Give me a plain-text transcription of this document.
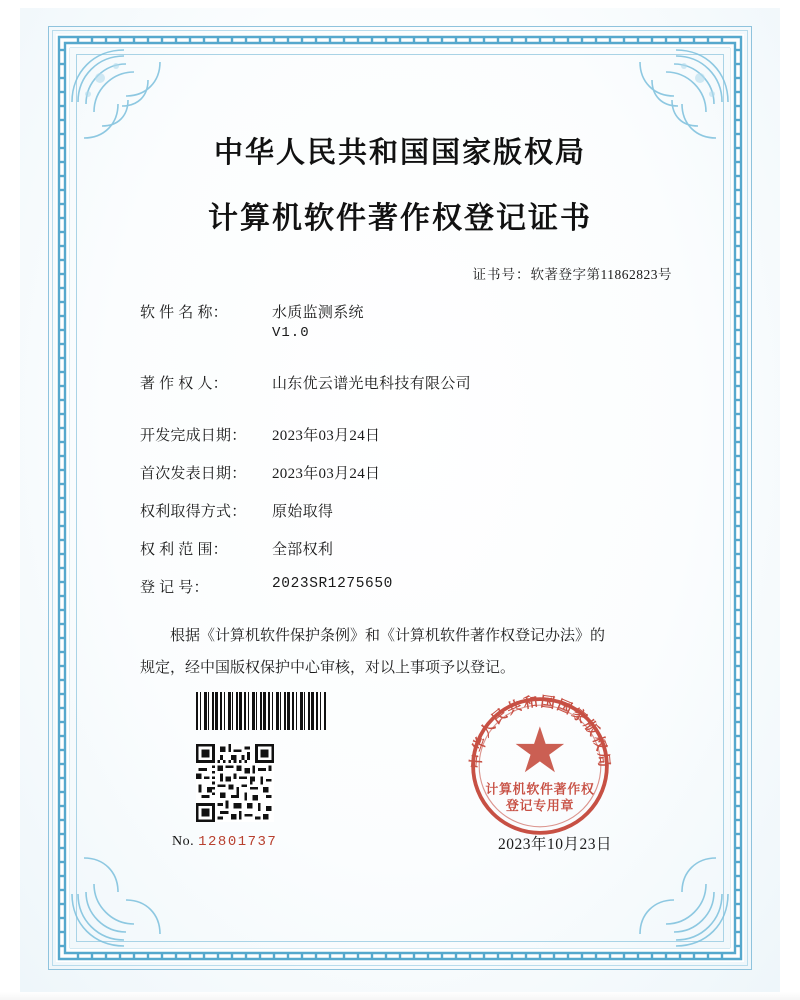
中华人民共和国国家版权局
计算机软件著作权登记证书
证书号：软著登字第11862823号
软 件 名 称：	水质监测系统
V1.0
著 作 权 人：	山东优云谱光电科技有限公司
开发完成日期：	2023年03月24日
首次发表日期：	2023年03月24日
权利取得方式：	原始取得
权 利 范 围：	全部权利
登 记 号：	2023SR1275650

根据《计算机软件保护条例》和《计算机软件著作权登记办法》的

规定，经中国版权保护中心审核，对以上事项予以登记。

No. 12801737	2023年10月23日
中华人民共和国国家版权局
计算机软件著作权
登记专用章
